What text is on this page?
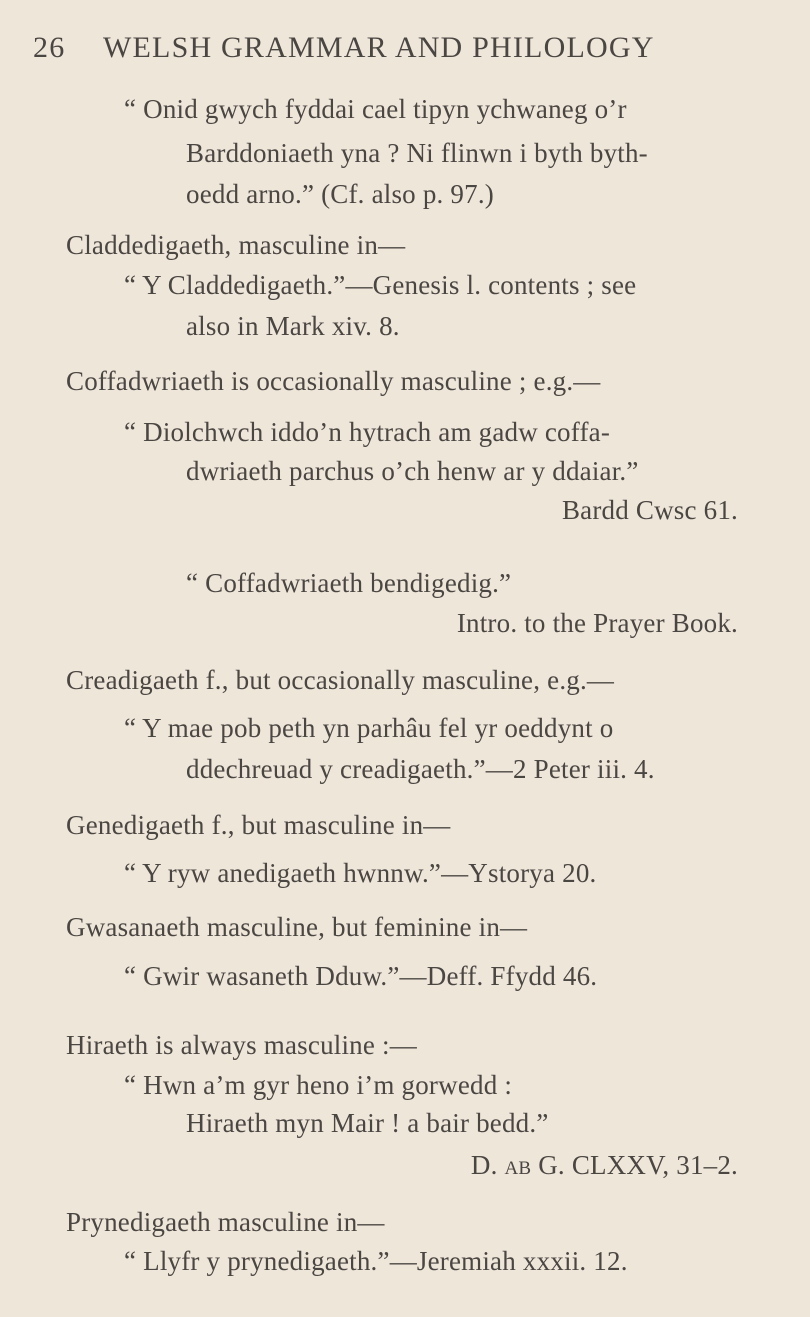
26 WELSH GRAMMAR AND PHILOLOGY
“ Onid gwych fyddai cael tipyn ychwaneg o’r
Barddoniaeth yna ? Ni flinwn i byth byth-
oedd arno.” (Cf. also p. 97.)
Claddedigaeth, masculine in—
“ Y Claddedigaeth.”—Genesis l. contents ; see
also in Mark xiv. 8.
Coffadwriaeth is occasionally masculine ; e.g.—
“ Diolchwch iddo’n hytrach am gadw coffa-
dwriaeth parchus o’ch henw ar y ddaiar.”
Bardd Cwsc 61.
“ Coffadwriaeth bendigedig.”
Intro. to the Prayer Book.
Creadigaeth f., but occasionally masculine, e.g.—
“ Y mae pob peth yn parhâu fel yr oeddynt o
ddechreuad y creadigaeth.”—2 Peter iii. 4.
Genedigaeth f., but masculine in—
“ Y ryw anedigaeth hwnnw.”—Ystorya 20.
Gwasanaeth masculine, but feminine in—
“ Gwir wasaneth Dduw.”—Deff. Ffydd 46.
Hiraeth is always masculine :—
“ Hwn a’m gyr heno i’m gorwedd :
Hiraeth myn Mair ! a bair bedd.”
D. ab G. CLXXV, 31–2.
Prynedigaeth masculine in—
“ Llyfr y prynedigaeth.”—Jeremiah xxxii. 12.
